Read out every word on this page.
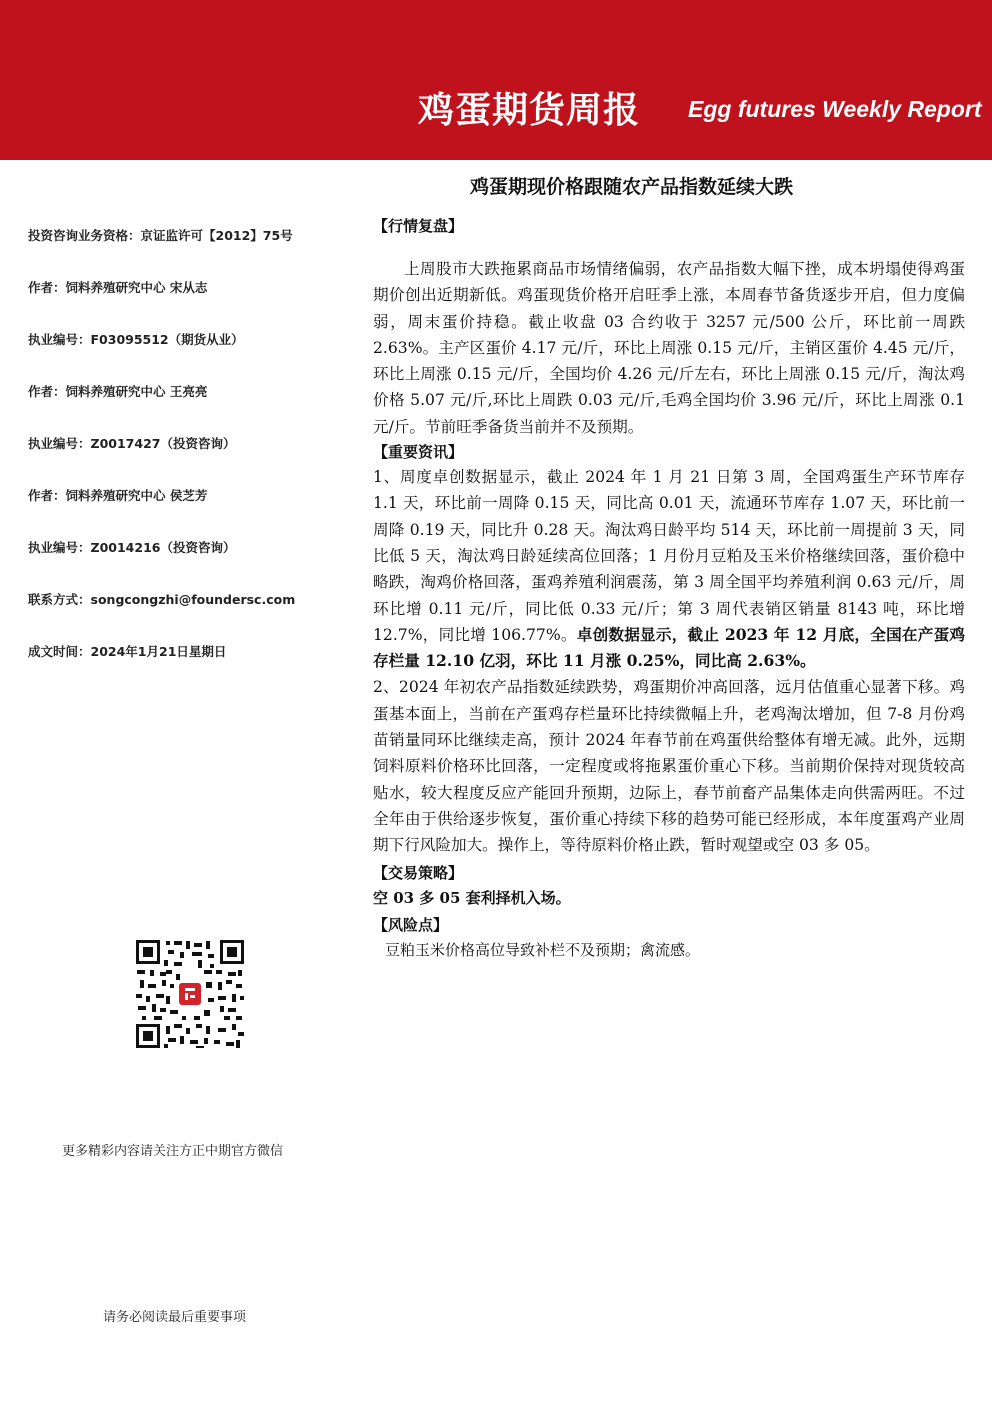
鸡蛋期货周报 Egg futures Weekly Report
鸡蛋期现价格跟随农产品指数延续大跌
投资咨询业务资格：京证监许可【2012】75号
作者：饲料养殖研究中心 宋从志
执业编号：F03095512（期货从业）
作者：饲料养殖研究中心 王亮亮
执业编号：Z0017427（投资咨询）
作者：饲料养殖研究中心 侯芝芳
执业编号：Z0014216（投资咨询）
联系方式：songcongzhi@foundersc.com
成文时间：2024年1月21日星期日
更多精彩内容请关注方正中期官方微信
请务必阅读最后重要事项
【行情复盘】

上周股市大跌拖累商品市场情绪偏弱，农产品指数大幅下挫，成本坍塌使得鸡蛋期价创出近期新低。鸡蛋现货价格开启旺季上涨，本周春节备货逐步开启，但力度偏弱，周末蛋价持稳。截止收盘 03 合约收于 3257 元/500 公斤，环比前一周跌 2.63%。主产区蛋价 4.17 元/斤，环比上周涨 0.15 元/斤，主销区蛋价 4.45 元/斤，环比上周涨 0.15 元/斤，全国均价 4.26 元/斤左右，环比上周涨 0.15 元/斤，淘汰鸡价格 5.07 元/斤,环比上周跌 0.03 元/斤,毛鸡全国均价 3.96 元/斤，环比上周涨 0.1 元/斤。节前旺季备货当前并不及预期。

【重要资讯】

1、周度卓创数据显示，截止 2024 年 1 月 21 日第 3 周，全国鸡蛋生产环节库存 1.1 天，环比前一周降 0.15 天，同比高 0.01 天，流通环节库存 1.07 天，环比前一周降 0.19 天，同比升 0.28 天。淘汰鸡日龄平均 514 天，环比前一周提前 3 天，同比低 5 天，淘汰鸡日龄延续高位回落；1 月份月豆粕及玉米价格继续回落，蛋价稳中略跌，淘鸡价格回落，蛋鸡养殖利润震荡，第 3 周全国平均养殖利润 0.63 元/斤，周环比增 0.11 元/斤，同比低 0.33 元/斤；第 3 周代表销区销量 8143 吨，环比增 12.7%，同比增 106.77%。卓创数据显示，截止 2023 年 12 月底，全国在产蛋鸡存栏量 12.10 亿羽，环比 11 月涨 0.25%，同比高 2.63%。

2、2024 年初农产品指数延续跌势，鸡蛋期价冲高回落，远月估值重心显著下移。鸡蛋基本面上，当前在产蛋鸡存栏量环比持续微幅上升，老鸡淘汰增加，但 7-8 月份鸡苗销量同环比继续走高，预计 2024 年春节前在鸡蛋供给整体有增无减。此外，远期饲料原料价格环比回落，一定程度或将拖累蛋价重心下移。当前期价保持对现货较高贴水，较大程度反应产能回升预期，边际上，春节前畜产品集体走向供需两旺。不过全年由于供给逐步恢复，蛋价重心持续下移的趋势可能已经形成，本年度蛋鸡产业周期下行风险加大。操作上，等待原料价格止跌，暂时观望或空 03 多 05。

【交易策略】
空 03 多 05 套利择机入场。
【风险点】
豆粕玉米价格高位导致补栏不及预期；禽流感。
